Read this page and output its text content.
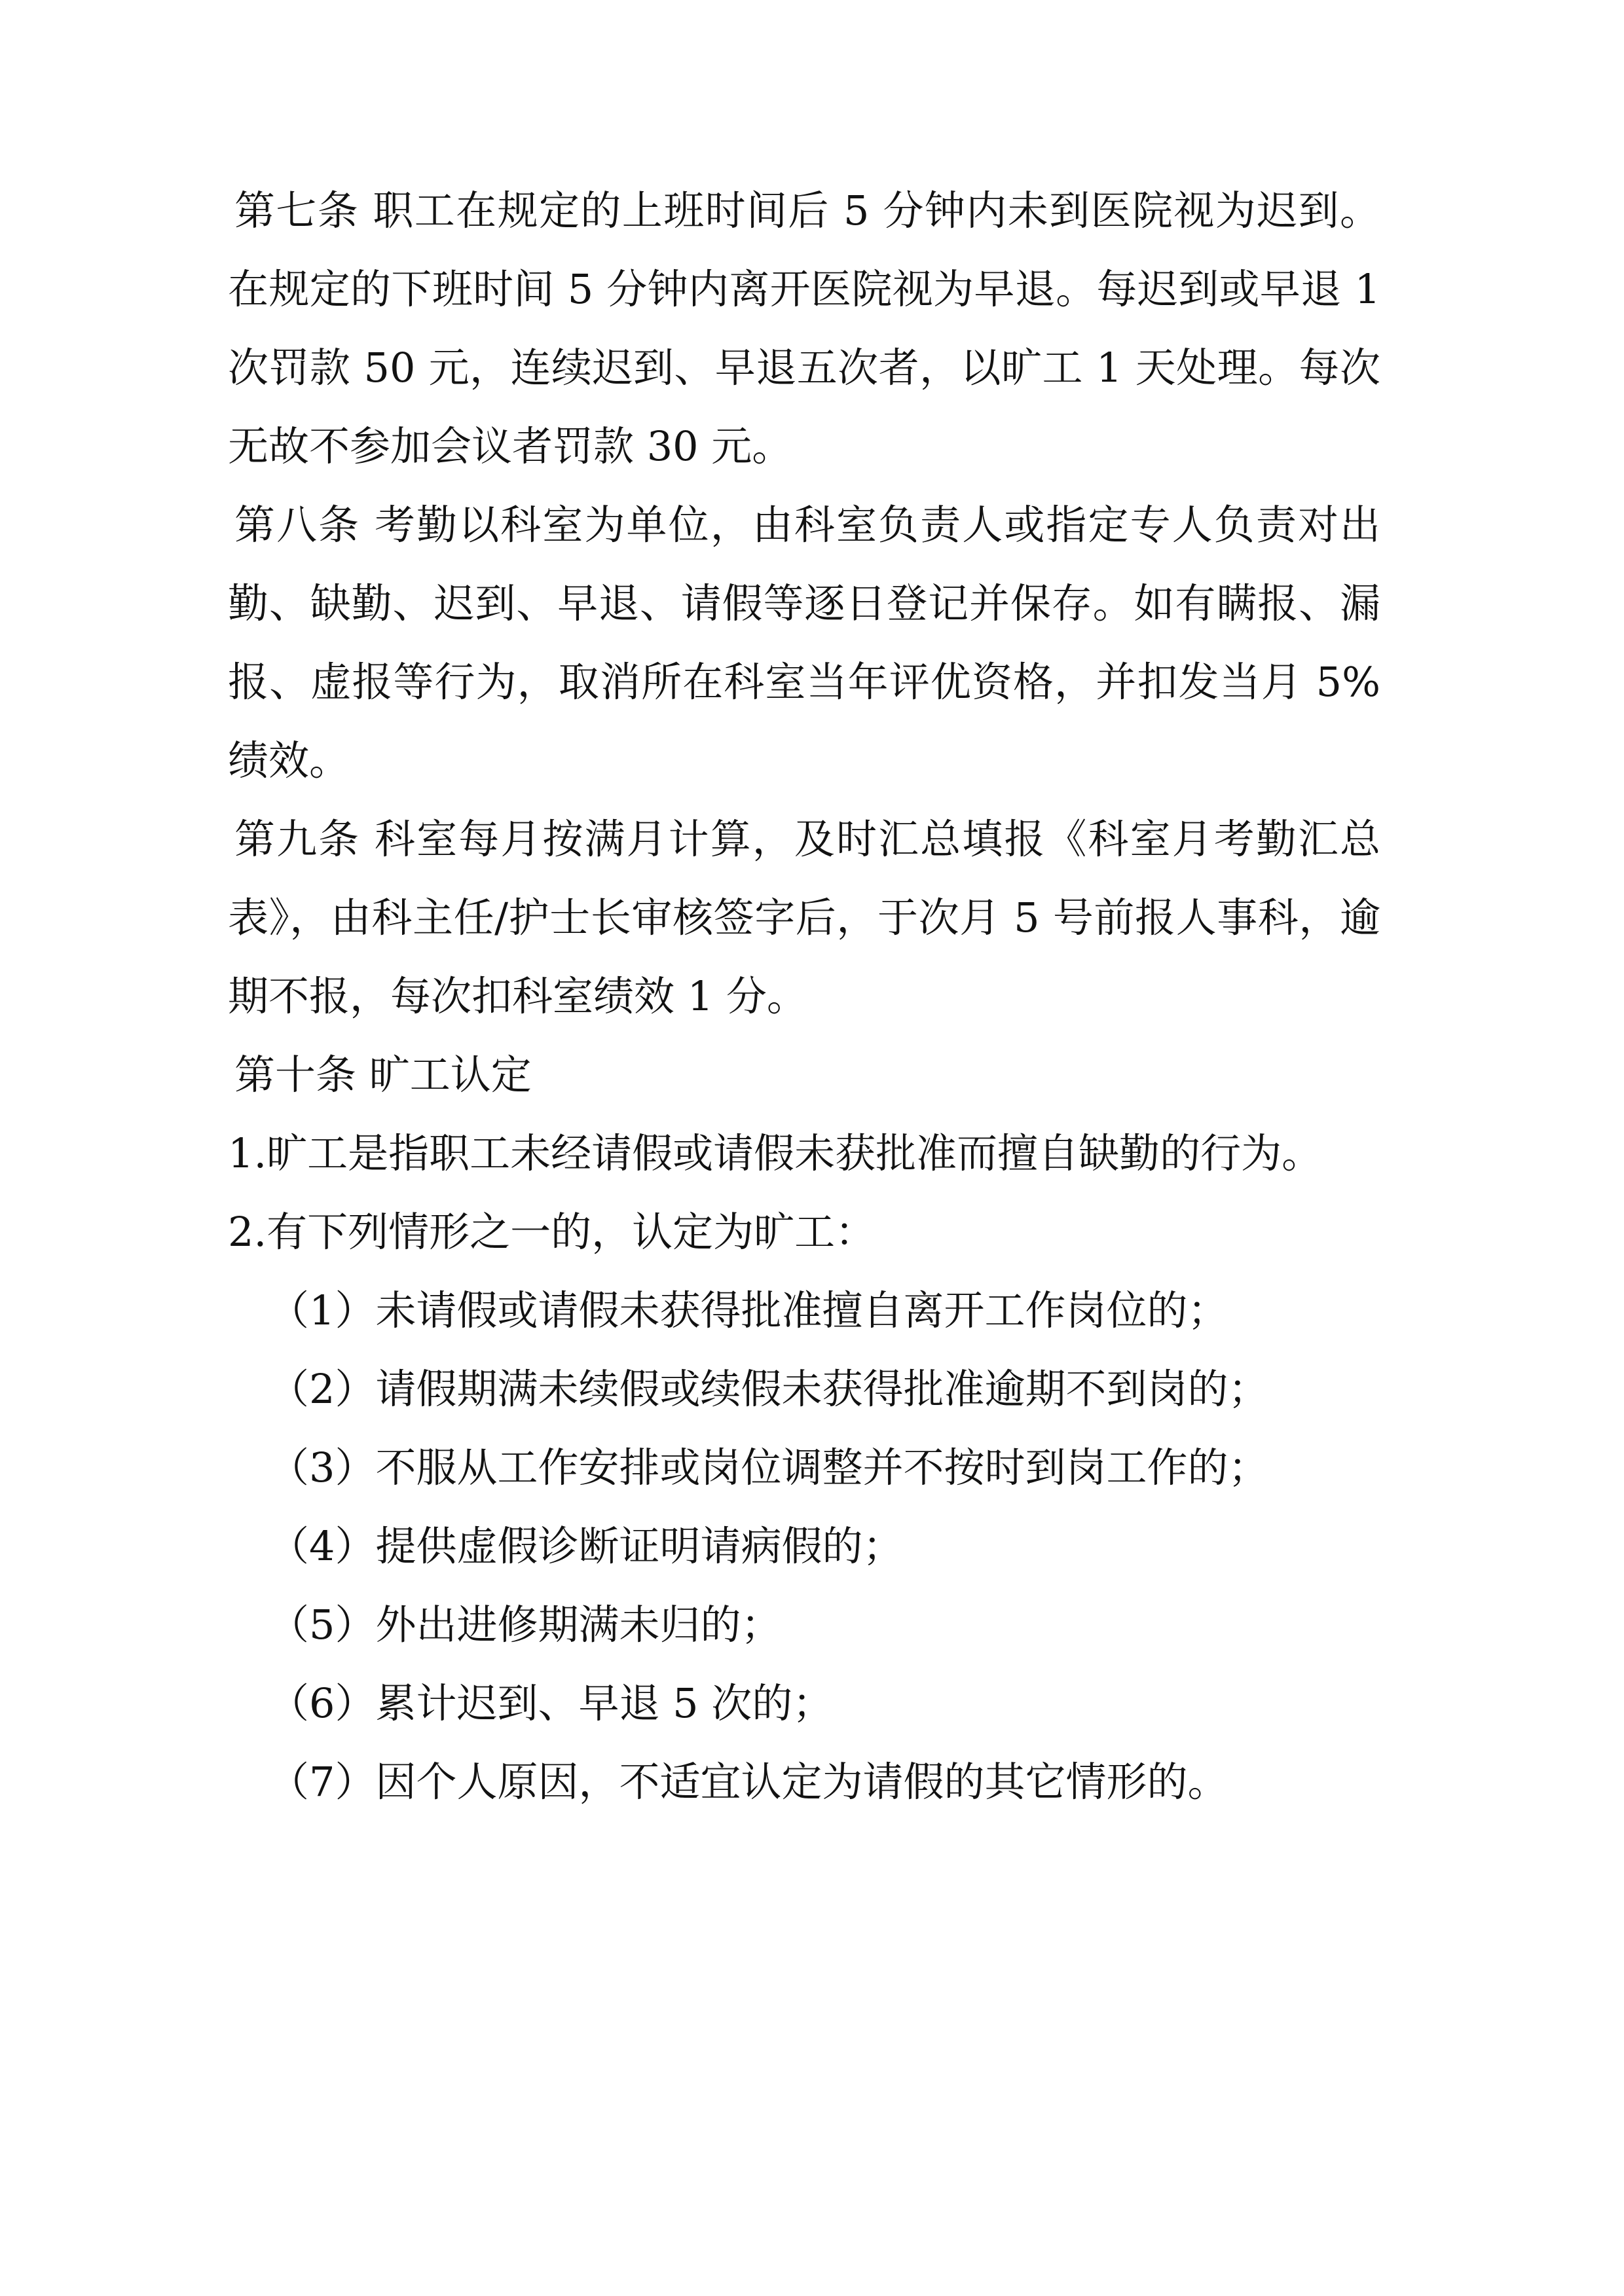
第七条 职工在规定的上班时间后 5 分钟内未到医院视为迟到。在规定的下班时间 5 分钟内离开医院视为早退。每迟到或早退 1 次罚款 50 元，连续迟到、早退五次者，以旷工 1 天处理。每次无故不参加会议者罚款 30 元。

第八条 考勤以科室为单位，由科室负责人或指定专人负责对出勤、缺勤、迟到、早退、请假等逐日登记并保存。如有瞒报、漏报、虚报等行为，取消所在科室当年评优资格，并扣发当月 5%绩效。

第九条 科室每月按满月计算，及时汇总填报《科室月考勤汇总表》，由科主任/护士长审核签字后，于次月 5 号前报人事科，逾期不报，每次扣科室绩效 1 分。

第十条 旷工认定

1.旷工是指职工未经请假或请假未获批准而擅自缺勤的行为。

2.有下列情形之一的，认定为旷工：

（1）未请假或请假未获得批准擅自离开工作岗位的；

（2）请假期满未续假或续假未获得批准逾期不到岗的；

（3）不服从工作安排或岗位调整并不按时到岗工作的；

（4）提供虚假诊断证明请病假的；

（5）外出进修期满未归的；

（6）累计迟到、早退 5 次的；

（7）因个人原因，不适宜认定为请假的其它情形的。
